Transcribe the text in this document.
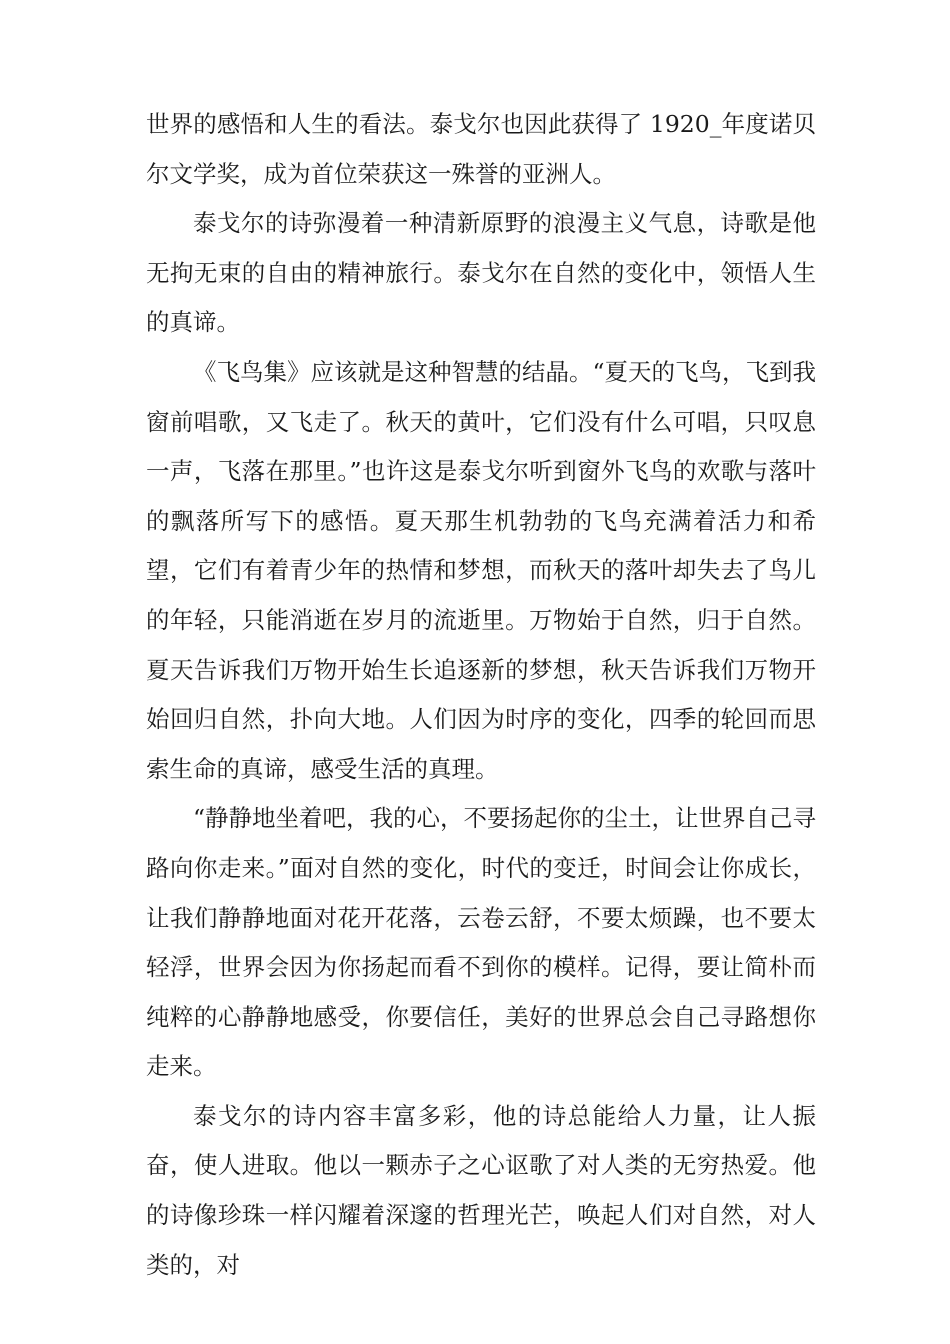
世界的感悟和人生的看法。泰戈尔也因此获得了 1920_年度诺贝尔文学奖，成为首位荣获这一殊誉的亚洲人。

泰戈尔的诗弥漫着一种清新原野的浪漫主义气息，诗歌是他无拘无束的自由的精神旅行。泰戈尔在自然的变化中，领悟人生的真谛。

《飞鸟集》应该就是这种智慧的结晶。“夏天的飞鸟，飞到我窗前唱歌，又飞走了。秋天的黄叶，它们没有什么可唱，只叹息一声，飞落在那里。”也许这是泰戈尔听到窗外飞鸟的欢歌与落叶的飘落所写下的感悟。夏天那生机勃勃的飞鸟充满着活力和希望，它们有着青少年的热情和梦想，而秋天的落叶却失去了鸟儿的年轻，只能消逝在岁月的流逝里。万物始于自然，归于自然。夏天告诉我们万物开始生长追逐新的梦想，秋天告诉我们万物开始回归自然，扑向大地。人们因为时序的变化，四季的轮回而思索生命的真谛，感受生活的真理。

“静静地坐着吧，我的心，不要扬起你的尘土，让世界自己寻路向你走来。”面对自然的变化，时代的变迁，时间会让你成长，让我们静静地面对花开花落，云卷云舒，不要太烦躁，也不要太轻浮，世界会因为你扬起而看不到你的模样。记得，要让简朴而纯粹的心静静地感受，你要信任，美好的世界总会自己寻路想你走来。

泰戈尔的诗内容丰富多彩，他的诗总能给人力量，让人振奋，使人进取。他以一颗赤子之心讴歌了对人类的无穷热爱。他的诗像珍珠一样闪耀着深邃的哲理光芒，唤起人们对自然，对人类的，对
